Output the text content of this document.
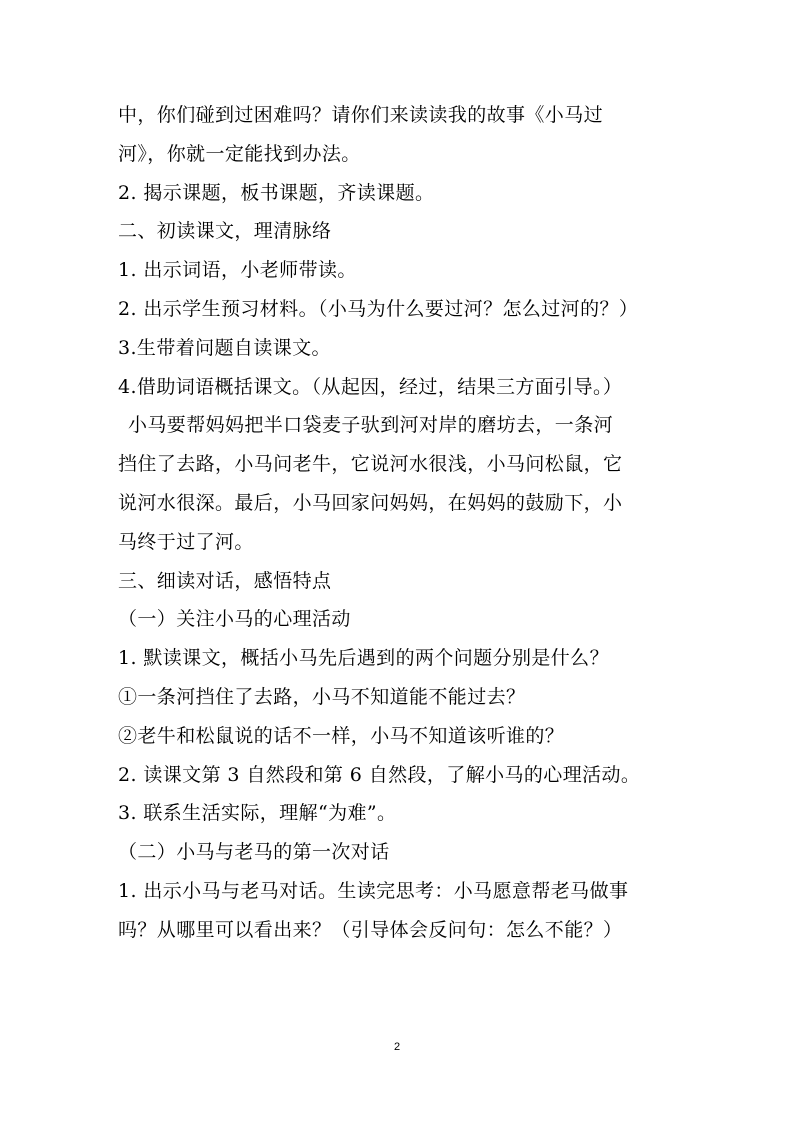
中，你们碰到过困难吗？请你们来读读我的故事《小马过
河》，你就一定能找到办法。
2. 揭示课题，板书课题，齐读课题。
二、初读课文，理清脉络
1. 出示词语，小老师带读。
2. 出示学生预习材料。（小马为什么要过河？怎么过河的？）
3.生带着问题自读课文。
4.借助词语概括课文。（从起因，经过，结果三方面引导。）
小马要帮妈妈把半口袋麦子驮到河对岸的磨坊去，一条河
挡住了去路，小马问老牛，它说河水很浅，小马问松鼠，它
说河水很深。最后，小马回家问妈妈，在妈妈的鼓励下，小
马终于过了河。
三、细读对话，感悟特点
（一）关注小马的心理活动
1. 默读课文，概括小马先后遇到的两个问题分别是什么？
①一条河挡住了去路，小马不知道能不能过去？
②老牛和松鼠说的话不一样，小马不知道该听谁的？
2. 读课文第 3 自然段和第 6 自然段，了解小马的心理活动。
3. 联系生活实际，理解“为难”。
（二）小马与老马的第一次对话
1. 出示小马与老马对话。生读完思考：小马愿意帮老马做事
吗？从哪里可以看出来？（引导体会反问句：怎么不能？）
2
